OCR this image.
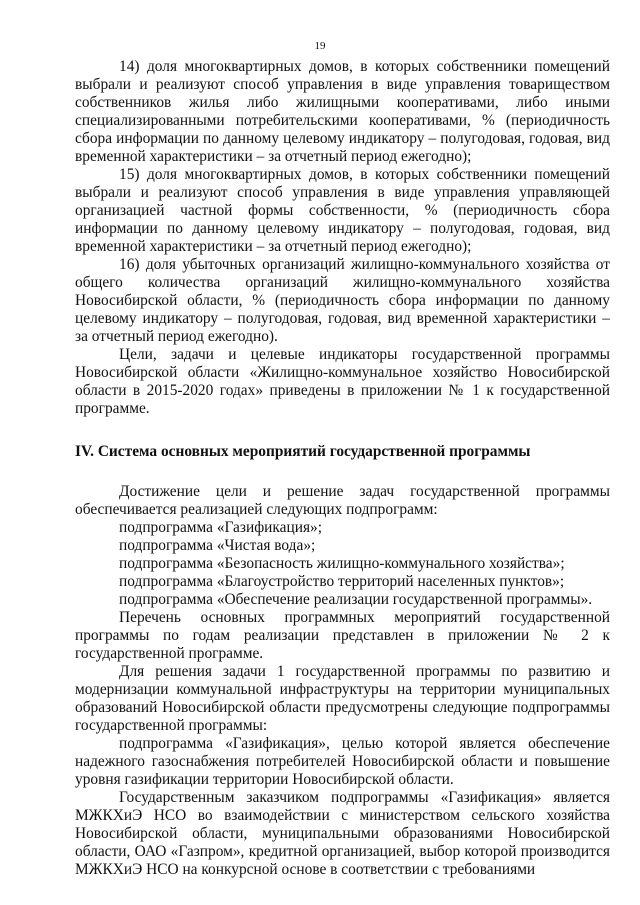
19

14) доля многоквартирных домов, в которых собственники помещений выбрали и реализуют способ управления в виде управления товариществом собственников жилья либо жилищными кооперативами, либо иными специализированными потребительскими кооперативами, % (периодичность сбора информации по данному целевому индикатору – полугодовая, годовая, вид временной характеристики – за отчетный период ежегодно);

15) доля многоквартирных домов, в которых собственники помещений выбрали и реализуют способ управления в виде управления управляющей организацией частной формы собственности, % (периодичность сбора информации по данному целевому индикатору – полугодовая, годовая, вид временной характеристики – за отчетный период ежегодно);

16) доля убыточных организаций жилищно-коммунального хозяйства от общего количества организаций жилищно-коммунального хозяйства Новосибирской области, % (периодичность сбора информации по данному целевому индикатору – полугодовая, годовая, вид временной характеристики – за отчетный период ежегодно).

Цели, задачи и целевые индикаторы государственной программы Новосибирской области «Жилищно-коммунальное хозяйство Новосибирской области в 2015-2020 годах» приведены в приложении № 1 к государственной программе.

IV. Система основных мероприятий государственной программы

Достижение цели и решение задач государственной программы обеспечивается реализацией следующих подпрограмм:

подпрограмма «Газификация»;

подпрограмма «Чистая вода»;

подпрограмма «Безопасность жилищно-коммунального хозяйства»;

подпрограмма «Благоустройство территорий населенных пунктов»;

подпрограмма «Обеспечение реализации государственной программы».

Перечень основных программных мероприятий государственной программы по годам реализации представлен в приложении № 2 к государственной программе.

Для решения задачи 1 государственной программы по развитию и модернизации коммунальной инфраструктуры на территории муниципальных образований Новосибирской области предусмотрены следующие подпрограммы государственной программы:

подпрограмма «Газификация», целью которой является обеспечение надежного газоснабжения потребителей Новосибирской области и повышение уровня газификации территории Новосибирской области.

Государственным заказчиком подпрограммы «Газификация» является МЖКХиЭ НСО во взаимодействии с министерством сельского хозяйства Новосибирской области, муниципальными образованиями Новосибирской области, ОАО «Газпром», кредитной организацией, выбор которой производится МЖКХиЭ НСО на конкурсной основе в соответствии с требованиями
